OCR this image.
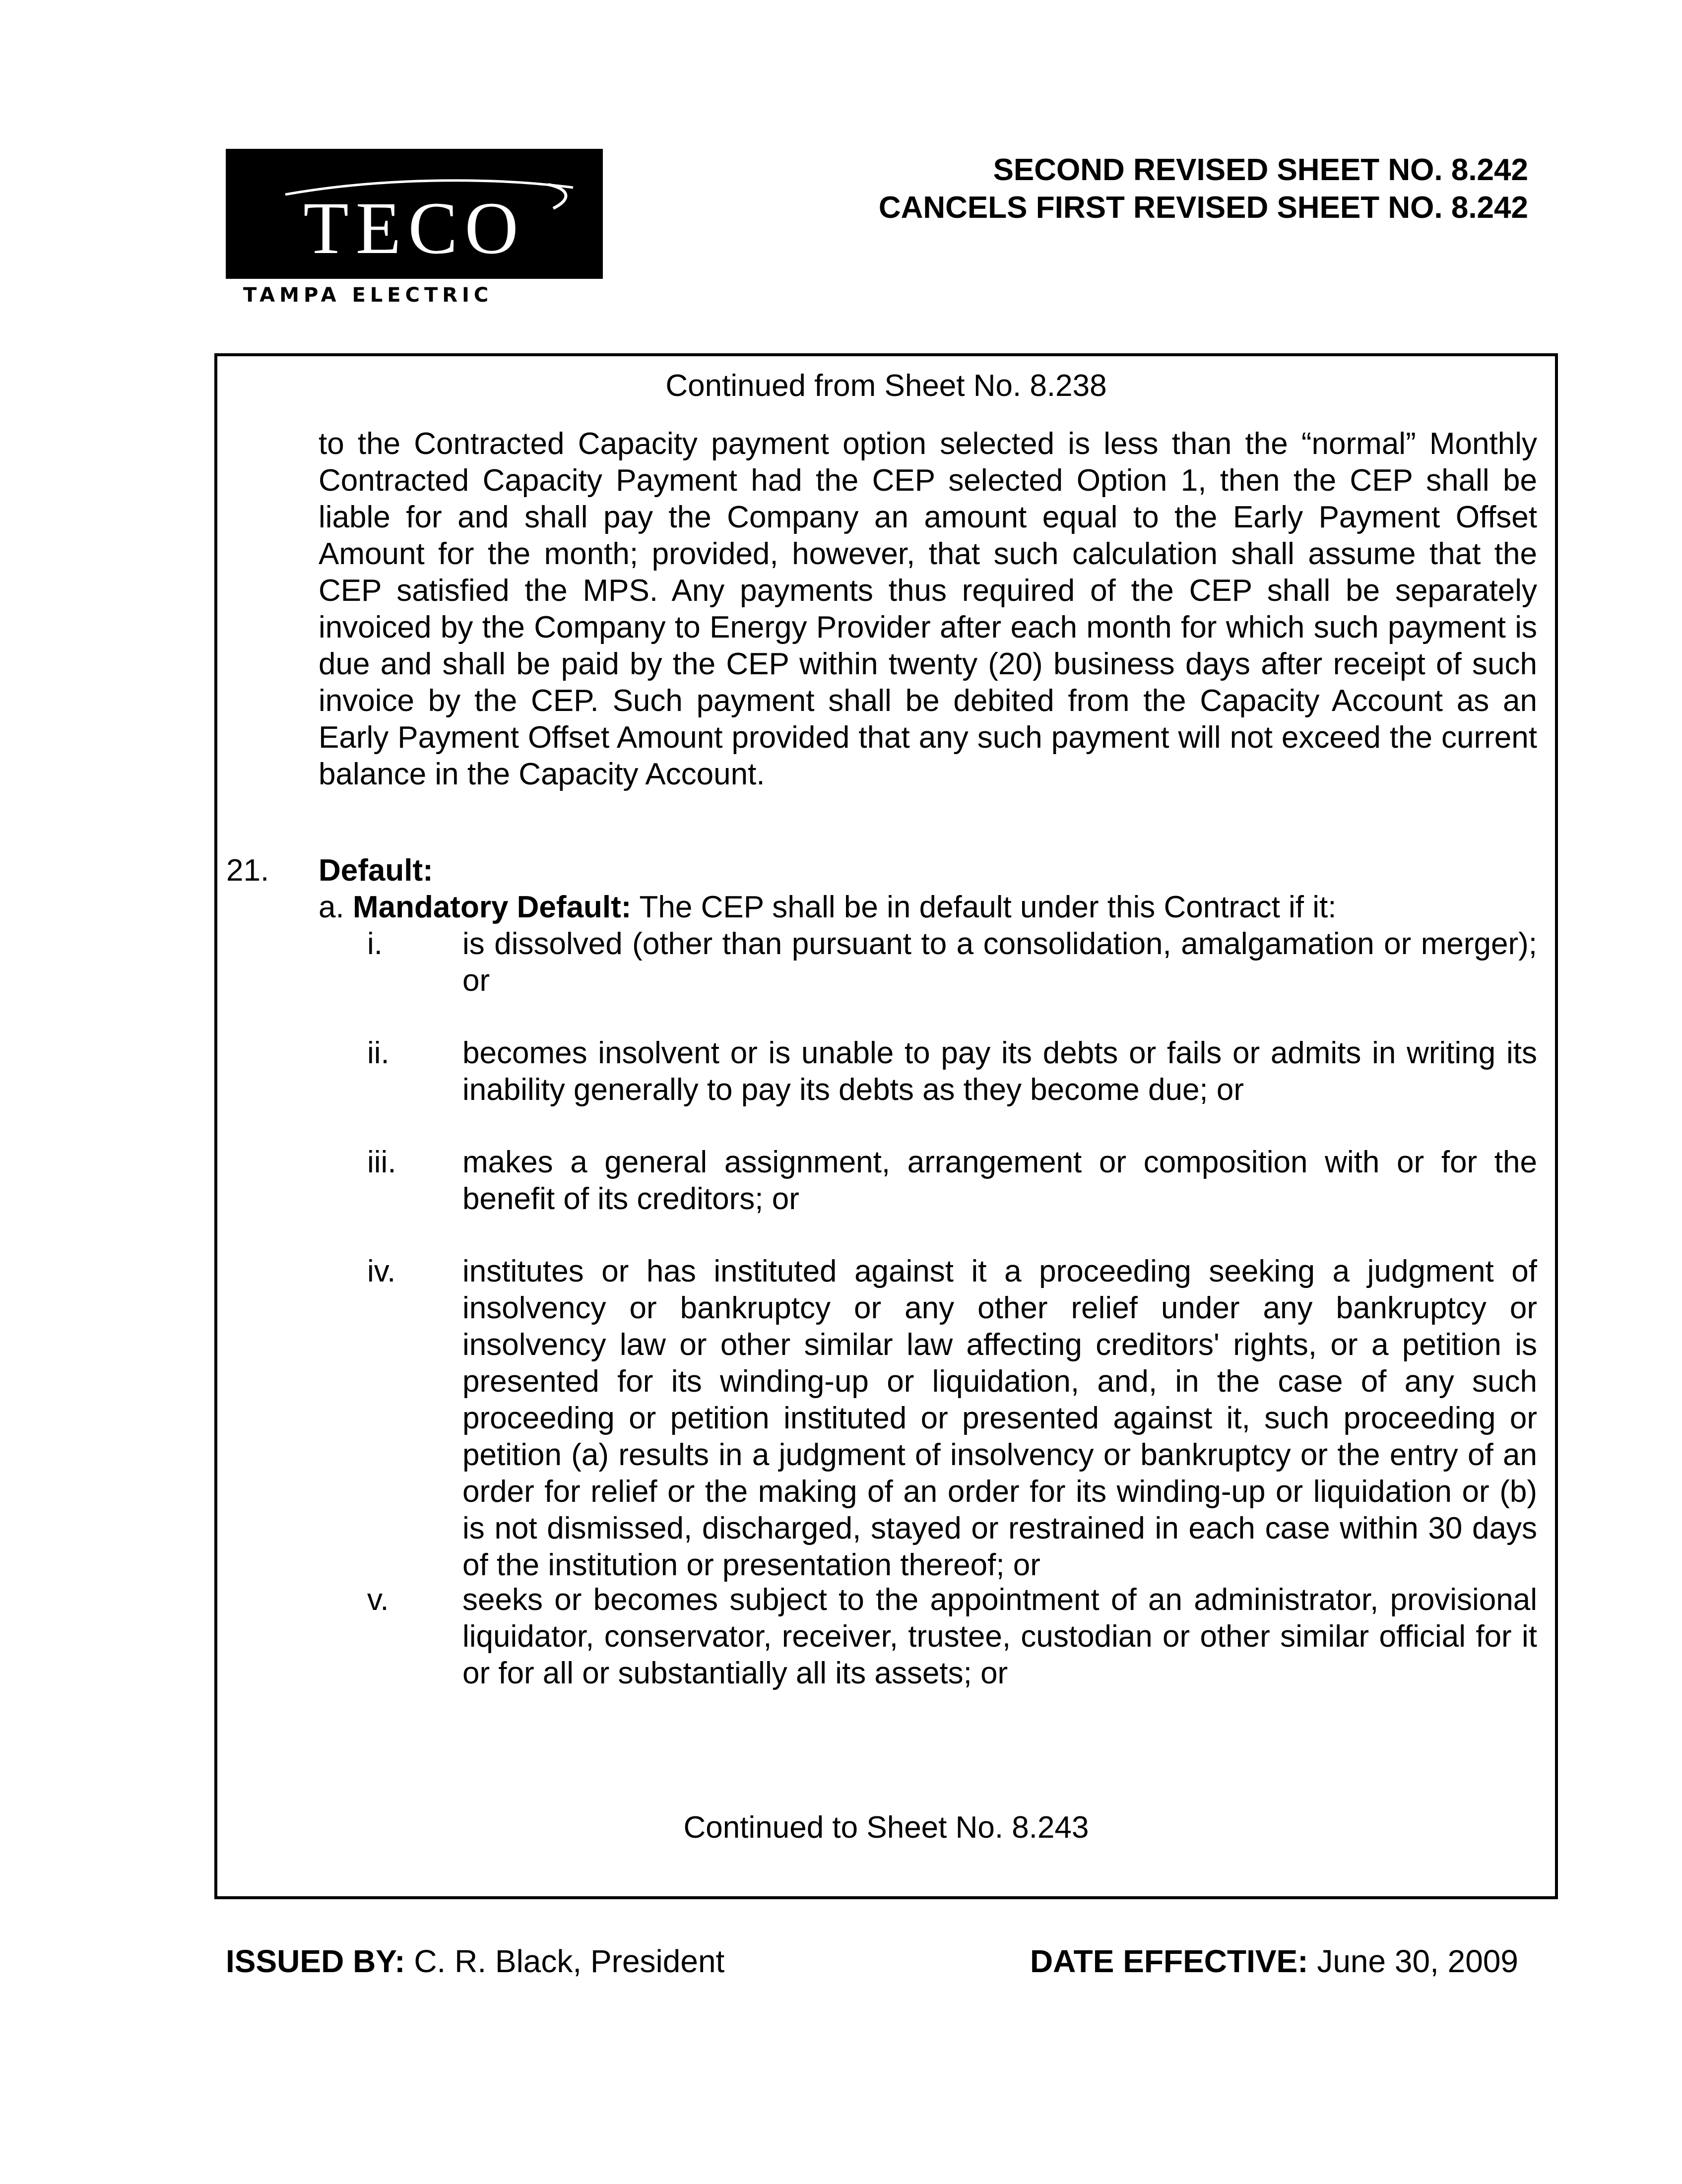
TECO
TAMPA ELECTRIC
SECOND REVISED SHEET NO. 8.242
CANCELS FIRST REVISED SHEET NO. 8.242
Continued from Sheet No. 8.238
to the Contracted Capacity payment option selected is less than the “normal” Monthly Contracted Capacity Payment had the CEP selected Option 1, then the CEP shall be liable for and shall pay the Company an amount equal to the Early Payment Offset Amount for the month; provided, however, that such calculation shall assume that the CEP satisfied the MPS. Any payments thus required of the CEP shall be separately invoiced by the Company to Energy Provider after each month for which such payment is due and shall be paid by the CEP within twenty (20) business days after receipt of such invoice by the CEP. Such payment shall be debited from the Capacity Account as an Early Payment Offset Amount provided that any such payment will not exceed the current balance in the Capacity Account.
21. Default:
a. Mandatory Default: The CEP shall be in default under this Contract if it:
i.	is dissolved (other than pursuant to a consolidation, amalgamation or merger); or
ii. becomes insolvent or is unable to pay its debts or fails or admits in writing its inability generally to pay its debts as they become due; or
iii. makes a general assignment, arrangement or composition with or for the benefit of its creditors; or
iv. institutes or has instituted against it a proceeding seeking a judgment of insolvency or bankruptcy or any other relief under any bankruptcy or insolvency law or other similar law affecting creditors' rights, or a petition is presented for its winding-up or liquidation, and, in the case of any such proceeding or petition instituted or presented against it, such proceeding or petition (a) results in a judgment of insolvency or bankruptcy or the entry of an order for relief or the making of an order for its winding-up or liquidation or (b) is not dismissed, discharged, stayed or restrained in each case within 30 days of the institution or presentation thereof; or
v. seeks or becomes subject to the appointment of an administrator, provisional liquidator, conservator, receiver, trustee, custodian or other similar official for it or for all or substantially all its assets; or
Continued to Sheet No. 8.243
ISSUED BY: C. R. Black, President	DATE EFFECTIVE: June 30, 2009
